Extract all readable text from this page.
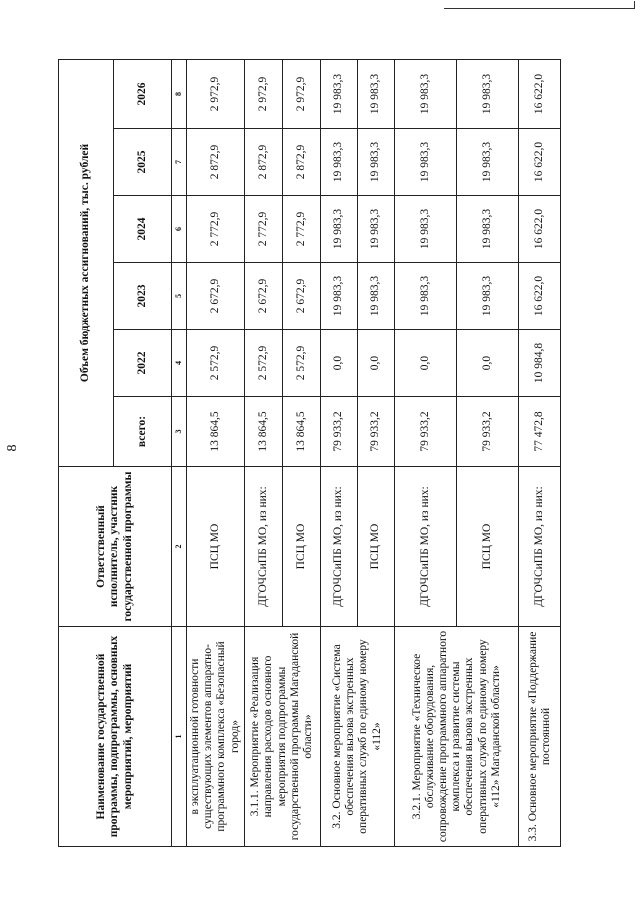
8
Наименование государственной программы, подпрограммы, основных мероприятий, мероприятий	Ответственный исполнитель, участник государственной программы	Объем бюджетных ассигнований, тыс. рублей					
		всего:	2022	2023	2024	2025	2026
1	2	3	4	5	6	7	8
в эксплуатационной готовности существующих элементов аппаратно-программного комплекса «Безопасный город»	ПСЦ МО	13 864,5	2 572,9	2 672,9	2 772,9	2 872,9	2 972,9
3.1.1. Мероприятие «Реализация направления расходов основного мероприятия подпрограммы государственной программы Магаданской области»	ДГОЧСиПБ МО, из них:	13 864,5	2 572,9	2 672,9	2 772,9	2 872,9	2 972,9
	ПСЦ МО	13 864,5	2 572,9	2 672,9	2 772,9	2 872,9	2 972,9
3.2. Основное мероприятие «Система обеспечения вызова экстренных оперативных служб по единому номеру «112»	ДГОЧСиПБ МО, из них:	79 933,2	0,0	19 983,3	19 983,3	19 983,3	19 983,3
	ПСЦ МО	79 933,2	0,0	19 983,3	19 983,3	19 983,3	19 983,3
3.2.1. Мероприятие «Техническое обслуживание оборудования, сопровождение программного аппаратного комплекса и развитие системы обеспечения вызова экстренных оперативных служб по единому номеру «112» Магаданской области»	ДГОЧСиПБ МО, из них:	79 933,2	0,0	19 983,3	19 983,3	19 983,3	19 983,3
	ПСЦ МО	79 933,2	0,0	19 983,3	19 983,3	19 983,3	19 983,3
3.3. Основное мероприятие «Поддержание постоянной	ДГОЧСиПБ МО, из них:	77 472,8	10 984,8	16 622,0	16 622,0	16 622,0	16 622,0
